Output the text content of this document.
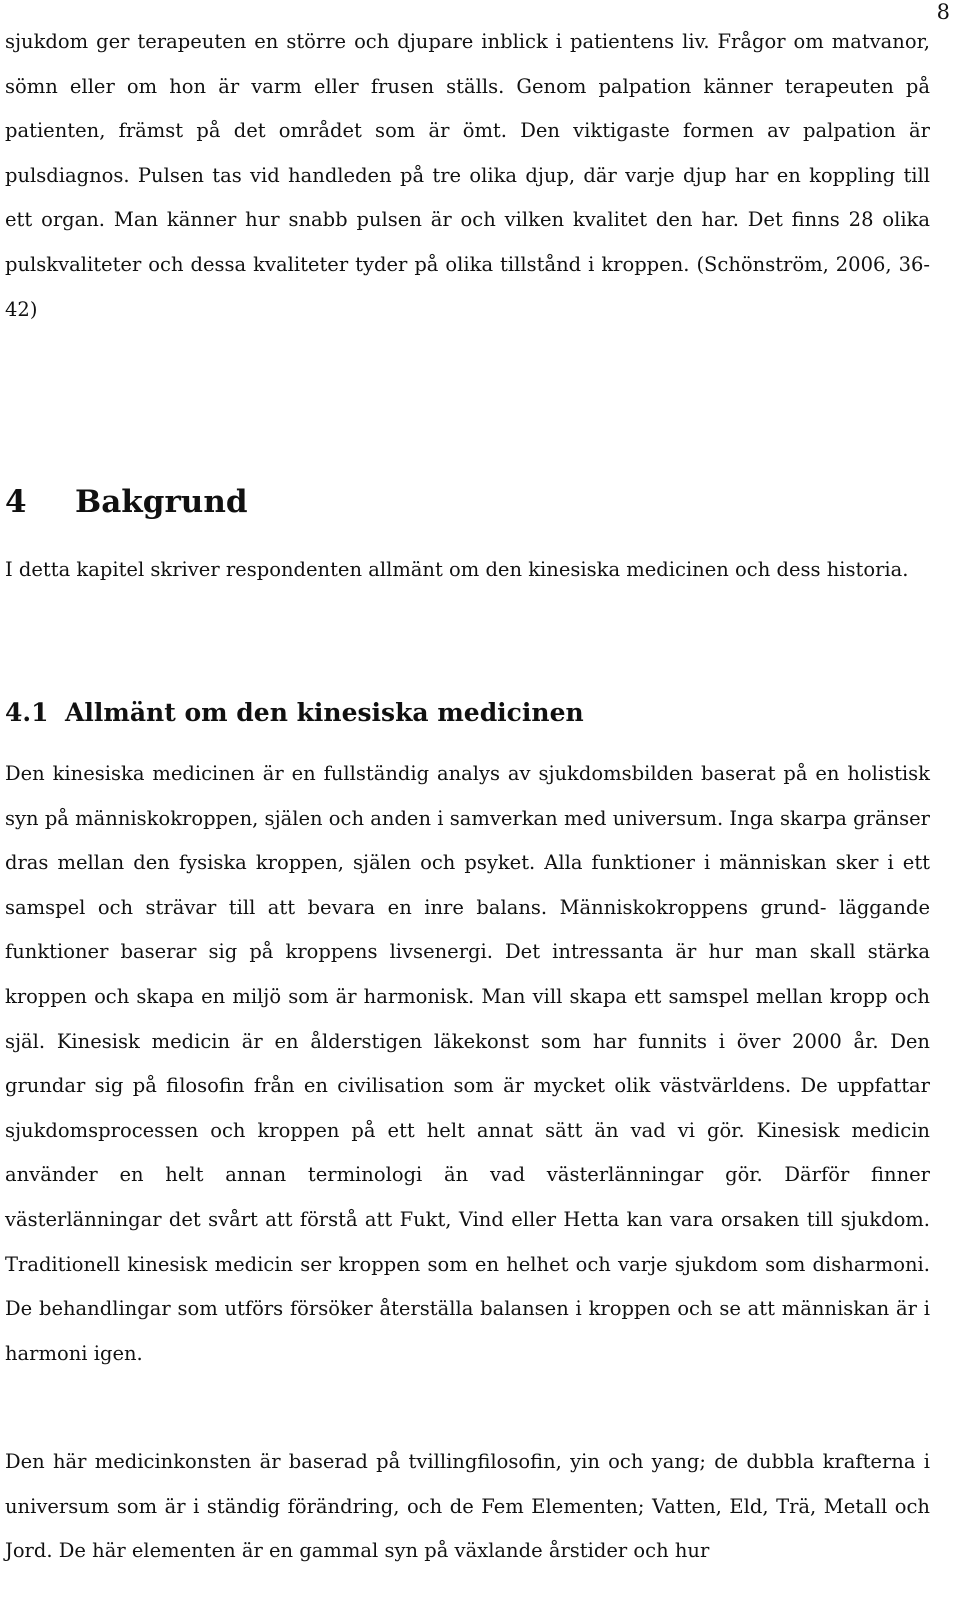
8

sjukdom ger terapeuten en större och djupare inblick i patientens liv. Frågor om matvanor, sömn eller om hon är varm eller frusen ställs. Genom palpation känner terapeuten på patienten, främst på det området som är ömt. Den viktigaste formen av palpation är pulsdiagnos. Pulsen tas vid handleden på tre olika djup, där varje djup har en koppling till ett organ. Man känner hur snabb pulsen är och vilken kvalitet den har. Det finns 28 olika pulskvaliteter och dessa kvaliteter tyder på olika tillstånd i kroppen. (Schönström, 2006, 36-42)

4 Bakgrund

I detta kapitel skriver respondenten allmänt om den kinesiska medicinen och dess historia.

4.1 Allmänt om den kinesiska medicinen

Den kinesiska medicinen är en fullständig analys av sjukdomsbilden baserat på en holistisk syn på människokroppen, själen och anden i samverkan med universum. Inga skarpa gränser dras mellan den fysiska kroppen, själen och psyket. Alla funktioner i människan sker i ett samspel och strävar till att bevara en inre balans. Människokroppens grund- läggande funktioner baserar sig på kroppens livsenergi. Det intressanta är hur man skall stärka kroppen och skapa en miljö som är harmonisk. Man vill skapa ett samspel mellan kropp och själ. Kinesisk medicin är en ålderstigen läkekonst som har funnits i över 2000 år. Den grundar sig på filosofin från en civilisation som är mycket olik västvärldens. De uppfattar sjukdomsprocessen och kroppen på ett helt annat sätt än vad vi gör. Kinesisk medicin använder en helt annan terminologi än vad västerlänningar gör. Därför finner västerlänningar det svårt att förstå att Fukt, Vind eller Hetta kan vara orsaken till sjukdom. Traditionell kinesisk medicin ser kroppen som en helhet och varje sjukdom som disharmoni. De behandlingar som utförs försöker återställa balansen i kroppen och se att människan är i harmoni igen.

Den här medicinkonsten är baserad på tvillingfilosofin, yin och yang; de dubbla krafterna i universum som är i ständig förändring, och de Fem Elementen; Vatten, Eld, Trä, Metall och Jord. De här elementen är en gammal syn på växlande årstider och hur
